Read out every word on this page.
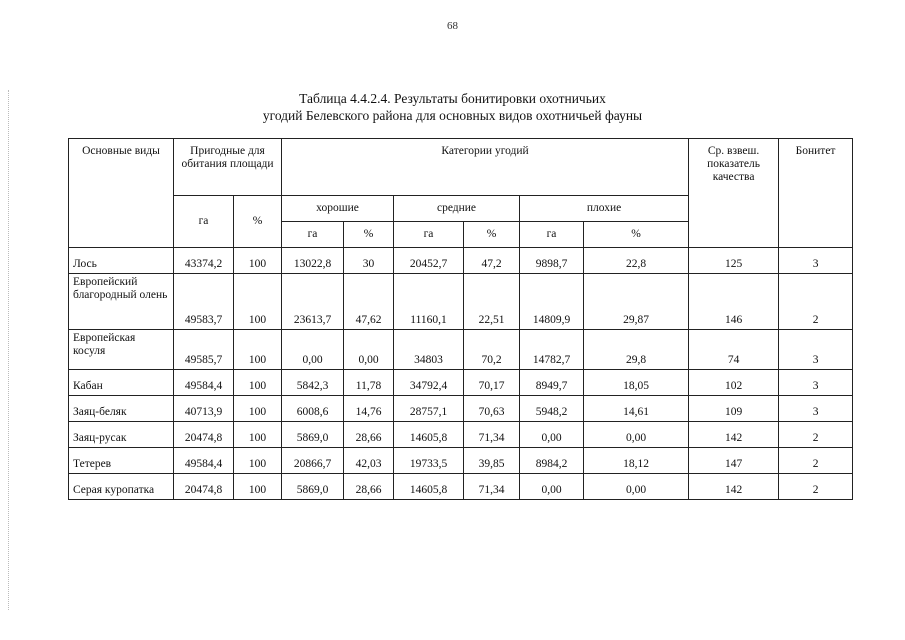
68
Таблица 4.4.2.4. Результаты бонитировки охотничьих
угодий Белевского района для основных видов охотничьей фауны
Основные виды	Пригодные для обитания площади		Категории угодий						Ср. взвеш. показатель качества	Бонитет
	га	%	хорошие		средние		плохие			
			га	%	га	%	га	%		
Лось	43374,2	100	13022,8	30	20452,7	47,2	9898,7	22,8	125	3
Европейский благородный олень	49583,7	100	23613,7	47,62	11160,1	22,51	14809,9	29,87	146	2
Европейская косуля	49585,7	100	0,00	0,00	34803	70,2	14782,7	29,8	74	3
Кабан	49584,4	100	5842,3	11,78	34792,4	70,17	8949,7	18,05	102	3
Заяц-беляк	40713,9	100	6008,6	14,76	28757,1	70,63	5948,2	14,61	109	3
Заяц-русак	20474,8	100	5869,0	28,66	14605,8	71,34	0,00	0,00	142	2
Тетерев	49584,4	100	20866,7	42,03	19733,5	39,85	8984,2	18,12	147	2
Серая куропатка	20474,8	100	5869,0	28,66	14605,8	71,34	0,00	0,00	142	2
